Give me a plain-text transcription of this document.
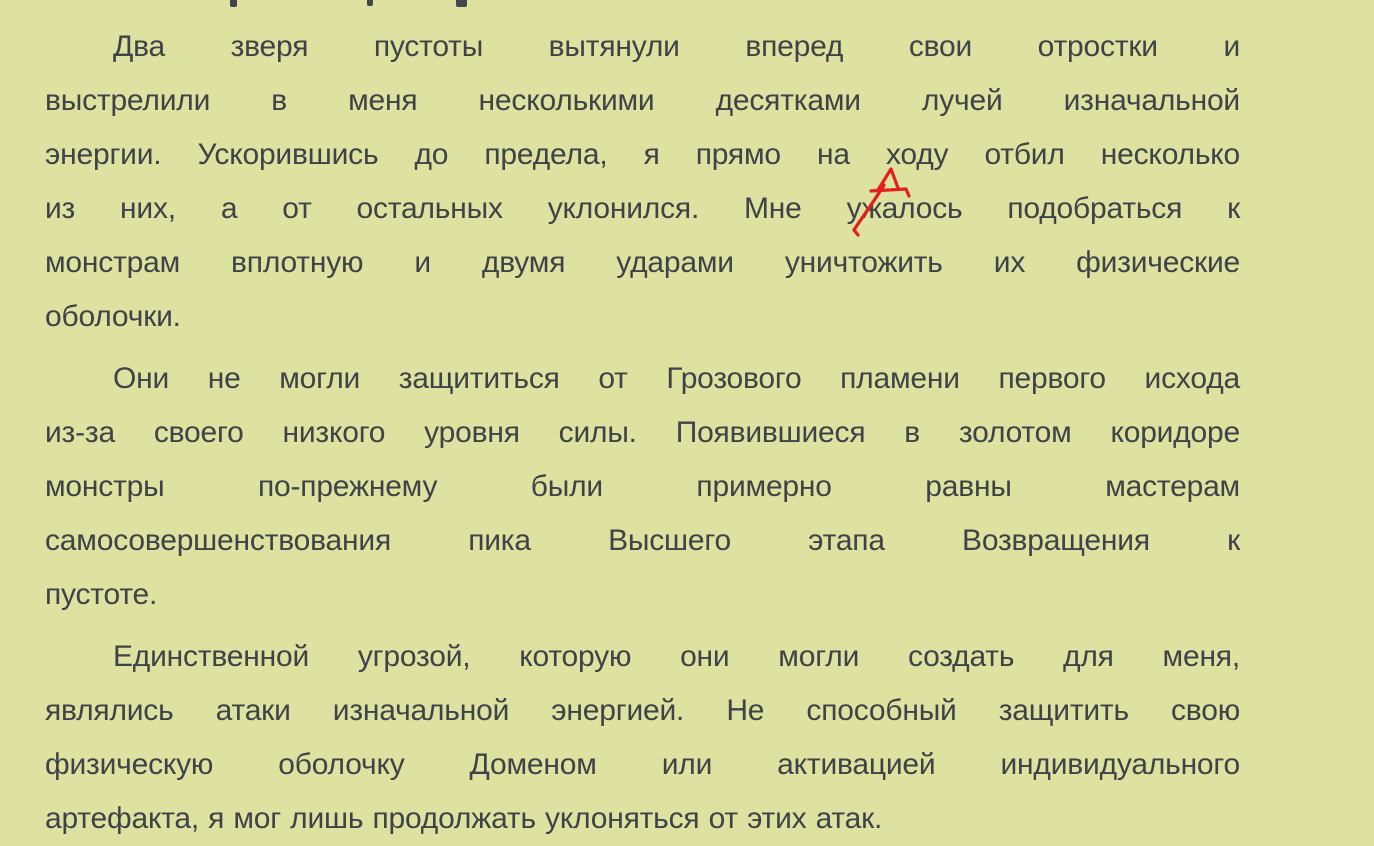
Два зверя пустоты вытянули вперед свои отростки и
выстрелили в меня несколькими десятками лучей изначальной
энергии. Ускорившись до предела, я прямо на ходу отбил несколько
из них, а от остальных уклонился. Мне ужалось
подобраться к
монстрам вплотную и двумя ударами уничтожить их физические
оболочки.
Они не могли защититься от Грозового пламени первого исхода
из-за своего низкого уровня силы. Появившиеся в золотом коридоре
монстры по-прежнему были примерно равны мастерам
самосовершенствования пика Высшего этапа Возвращения к
пустоте.
Единственной угрозой, которую они могли создать для меня,
являлись атаки изначальной энергией. Не способный защитить свою
физическую оболочку Доменом или активацией индивидуального
артефакта, я мог лишь продолжать уклоняться от этих атак.
